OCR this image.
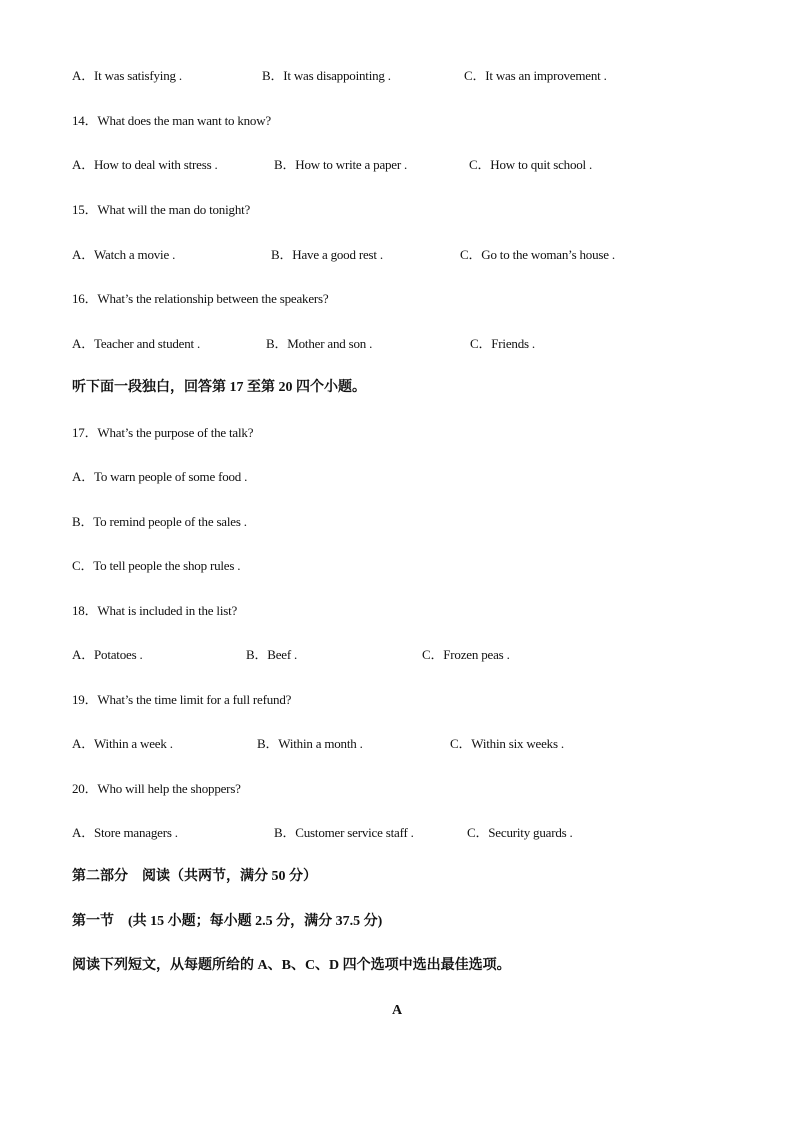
A．It was satisfying .	B．It was disappointing .	C．It was an improvement .
14．What does the man want to know?
A．How to deal with stress .	B．How to write a paper .	C．How to quit school .
15．What will the man do tonight?
A．Watch a movie .	B．Have a good rest .	C．Go to the woman’s house .
16．What’s the relationship between the speakers?
A．Teacher and student .	B．Mother and son .	C．Friends .
听下面一段独白，回答第 17 至第 20 四个小题。
17．What’s the purpose of the talk?
A．To warn people of some food .
B．To remind people of the sales .
C．To tell people the shop rules .
18．What is included in the list?
A．Potatoes .	B．Beef .	C．Frozen peas .
19．What’s the time limit for a full refund?
A．Within a week .	B．Within a month .	C．Within six weeks .
20．Who will help the shoppers?
A．Store managers .	B．Customer service staff .	C．Security guards .
第二部分　阅读（共两节，满分 50 分）
第一节　(共 15 小题；每小题 2.5 分，满分 37.5 分)
阅读下列短文，从每题所给的 A、B、C、D 四个选项中选出最佳选项。
A
